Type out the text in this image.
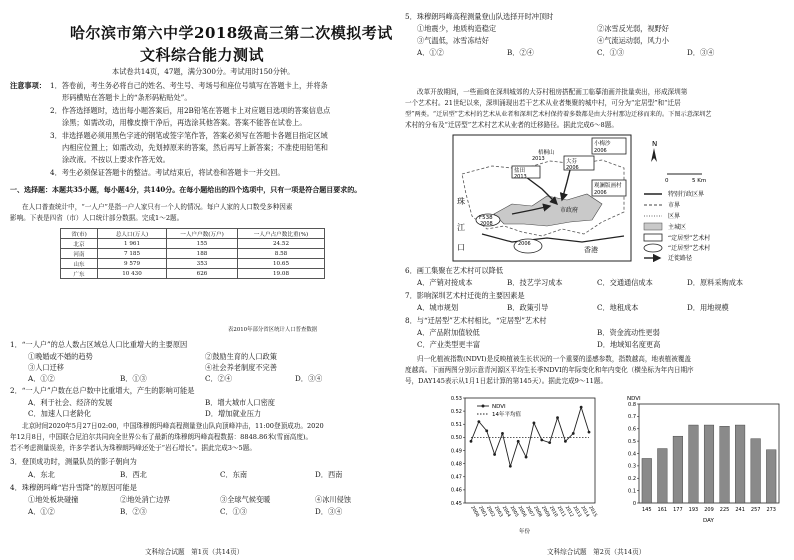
哈尔滨市第六中学2018级高三第二次模拟考试
文科综合能力测试
本试卷共14页，47题，满分300分。考试用时150分钟。
注意事项： 1．答卷前，考生务必将自己的姓名、考生号、考场号和座位号填写在答题卡上，并将条
形码横贴在答题卡上的“条形码粘贴处”。
2．作答选择题时，选出每小题答案后，用2B铅笔在答题卡上对应题目选项的答案信息点
涂黑；如需改动，用橡皮擦干净后，再选涂其他答案。答案不能答在试卷上。
3．非选择题必须用黑色字迹的钢笔或签字笔作答，答案必须写在答题卡各题目指定区域
内相应位置上；如需改动，先划掉原来的答案，然后再写上新答案；不准使用铅笔和
涂改液。不按以上要求作答无效。
4．考生必须保证答题卡的整洁。考试结束后，将试卷和答题卡一并交回。
一、选择题：本题共35小题，每小题4分，共140分。在每小题给出的四个选项中，只有一项是符合题目要求的。
在人口普查统计中，“一人户”是指一户人家只有一个人的情况。每户人家的人口数受多种因素
影响。下表是四省（市）人口统计部分数据。完成1～2题。
省(市)	总人口(万人)	一人户户数(万户)	一人户占户数比重(%)
北京	1 961	155	24.52
河南	7 185	188	8.58
山东	9 579	353	10.65
广东	10 430	626	19.08
表2010年部分省区统计人口普查数据
1．“一人户”的总人数占区域总人口比重增大的主要原因
①晚婚或不婚的趋势	②鼓励生育的人口政策
③人口迁移	④社会养老制度不完善
A．①②	B．①③	C．②④	D．③④
2．“一人户”户数在总户数中比重增大，产生的影响可能是
A．利于社会、经济的发展	B．增大城市人口密度
C．加速人口老龄化	D．增加就业压力
北京时间2020年5月27日02:00，中国珠穆朗玛峰高程测量登山队向顶峰冲击，11:00登顶成功。2020
年12月8日，中国联合尼泊尔共同向全世界公布了最新的珠穆朗玛峰高程数据：8848.86米(雪面高度)。
若不考虑测量误差，许多学者认为珠穆朗玛峰还处于“岩石增长”。据此完成3～5题。
3．登顶成功时，测量队员的影子朝向为
A．东北	B．西北	C．东南	D．西南
4．珠穆朗玛峰“岩升雪降”的原因可能是
①地处板块碰撞	②地处消亡边界	③全球气候变暖	④冰川侵蚀
A．①②	B．②③	C．①③	D．③④
文科综合试题　第1页（共14页）
5．珠穆朗玛峰高程测量登山队选择开时冲顶时
①地震少，地质构造稳定	②冰雪反光弱，视野好
③气温低，冰雪冻结好	④气流运动弱，风力小
A．①②	B．②④	C．①③	D．③④
改革开放期间，一些画商在深圳城郊的大芬村租房搭配画工临摹油画并批量卖出，形成深圳第
一个艺术村。21世纪以来，深圳涌现出若干艺术从业者集聚的城中村，可分为“定居型”和“迁居
型”两类。“迁居型”艺术村的艺术从业者和深圳艺术村保持着多数都是由大芬村那边迁移而来的。下图示意深圳艺
术村的分布及“迁居型”艺术村艺术从业者的迁移路径。据此完成6～8题。
盐田
2013
大芬
2006
小梅沙
2006
观澜版画村
2006
梧桐山
2013
2006
F538
2008
市政府
珠
江
口	香港
特别行政区界
市界
区界
主城区
“定居型”艺术村
“迁居型”艺术村
迁徙路径
N
0	5 Km
6．画工集聚在艺术村可以降低
A．产销对接成本	B．技艺学习成本	C．交通通信成本	D．原料采购成本
7．影响深圳艺术村迁徙的主要因素是
A．城市规划	B．政策引导	C．地租成本	D．用地规模
8．与“迁居型”艺术村相比，“定居型”艺术村
A．产品附加值较低	B．资金流动性更弱
C．产业类型更丰富	D．地域知名度更高
归一化植被指数(NDVI)是反映植被生长状况的一个重要的遥感参数，指数越高，地表植被覆盖
度越高。下面两图分别示意青河源区平均生长季NDVI的年际变化和年内变化（横坐标为年内日期序
号，DAY145表示从1月1日起计算的第145天）。据此完成9～11题。
0.53
0.52
0.51
0.50
0.49
0.48
0.47
0.46
0.45
2000
2001
2002
2003
2004
2005
2006
2007
2008
2009
2010
2011
2012
2013
2014
2015
NDVI
14年平均值
年份
NDVI
0.8
0.7
0.6
0.5
0.4
0.3
0.2
0.1
0
145 161 177 193 209 225 241 257 273
DAY
文科综合试题　第2页（共14页）
